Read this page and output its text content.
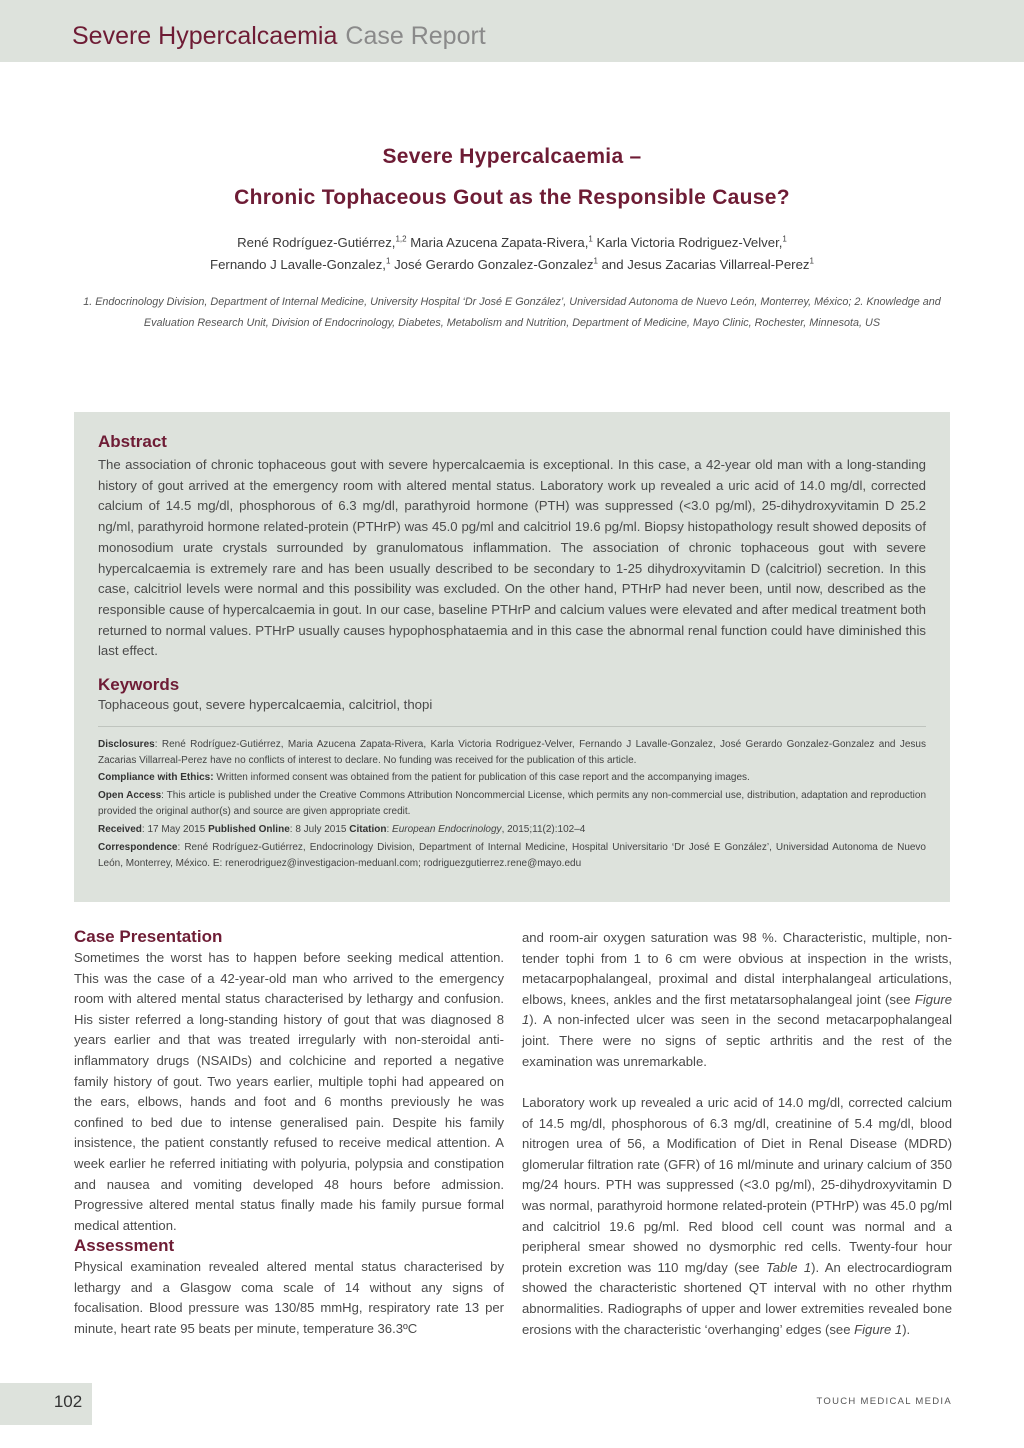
Severe Hypercalcaemia Case Report
Severe Hypercalcaemia –
Chronic Tophaceous Gout as the Responsible Cause?
René Rodríguez-Gutiérrez,$^{1,2}$ Maria Azucena Zapata-Rivera,$^1$ Karla Victoria Rodriguez-Velver,$^1$
Fernando J Lavalle-Gonzalez,$^1$ José Gerardo Gonzalez-Gonzalez$^1$ and Jesus Zacarias Villarreal-Perez$^1$
1. Endocrinology Division, Department of Internal Medicine, University Hospital ‘Dr José E González’, Universidad Autonoma de Nuevo León, Monterrey, México; 2. Knowledge and Evaluation Research Unit, Division of Endocrinology, Diabetes, Metabolism and Nutrition, Department of Medicine, Mayo Clinic, Rochester, Minnesota, US
Abstract

The association of chronic tophaceous gout with severe hypercalcaemia is exceptional. In this case, a 42-year old man with a long-standing history of gout arrived at the emergency room with altered mental status. Laboratory work up revealed a uric acid of 14.0 mg/dl, corrected calcium of 14.5 mg/dl, phosphorous of 6.3 mg/dl, parathyroid hormone (PTH) was suppressed (<3.0 pg/ml), 25-dihydroxyvitamin D 25.2 ng/ml, parathyroid hormone related-protein (PTHrP) was 45.0 pg/ml and calcitriol 19.6 pg/ml. Biopsy histopathology result showed deposits of monosodium urate crystals surrounded by granulomatous inflammation. The association of chronic tophaceous gout with severe hypercalcaemia is extremely rare and has been usually described to be secondary to 1-25 dihydroxyvitamin D (calcitriol) secretion. In this case, calcitriol levels were normal and this possibility was excluded. On the other hand, PTHrP had never been, until now, described as the responsible cause of hypercalcaemia in gout. In our case, baseline PTHrP and calcium values were elevated and after medical treatment both returned to normal values. PTHrP usually causes hypophosphataemia and in this case the abnormal renal function could have diminished this last effect.

Keywords
Tophaceous gout, severe hypercalcaemia, calcitriol, thopi

Disclosures: René Rodríguez-Gutiérrez, Maria Azucena Zapata-Rivera, Karla Victoria Rodriguez-Velver, Fernando J Lavalle-Gonzalez, José Gerardo Gonzalez-Gonzalez and Jesus Zacarias Villarreal-Perez have no conflicts of interest to declare. No funding was received for the publication of this article.

Compliance with Ethics: Written informed consent was obtained from the patient for publication of this case report and the accompanying images.

Open Access: This article is published under the Creative Commons Attribution Noncommercial License, which permits any non-commercial use, distribution, adaptation and reproduction provided the original author(s) and source are given appropriate credit.

Received: 17 May 2015 Published Online: 8 July 2015 Citation: European Endocrinology, 2015;11(2):102–4

Correspondence: René Rodríguez-Gutiérrez, Endocrinology Division, Department of Internal Medicine, Hospital Universitario ‘Dr José E González’, Universidad Autonoma de Nuevo León, Monterrey, México. E: renerodriguez@investigacion-meduanl.com; rodriguezgutierrez.rene@mayo.edu

Case Presentation

Sometimes the worst has to happen before seeking medical attention. This was the case of a 42-year-old man who arrived to the emergency room with altered mental status characterised by lethargy and confusion. His sister referred a long-standing history of gout that was diagnosed 8 years earlier and that was treated irregularly with non-steroidal anti-inflammatory drugs (NSAIDs) and colchicine and reported a negative family history of gout. Two years earlier, multiple tophi had appeared on the ears, elbows, hands and foot and 6 months previously he was confined to bed due to intense generalised pain. Despite his family insistence, the patient constantly refused to receive medical attention. A week earlier he referred initiating with polyuria, polypsia and constipation and nausea and vomiting developed 48 hours before admission. Progressive altered mental status finally made his family pursue formal medical attention.

Assessment

Physical examination revealed altered mental status characterised by lethargy and a Glasgow coma scale of 14 without any signs of focalisation. Blood pressure was 130/85 mmHg, respiratory rate 13 per minute, heart rate 95 beats per minute, temperature 36.3ºC

and room-air oxygen saturation was 98 %. Characteristic, multiple, non-tender tophi from 1 to 6 cm were obvious at inspection in the wrists, metacarpophalangeal, proximal and distal interphalangeal articulations, elbows, knees, ankles and the first metatarsophalangeal joint (see Figure 1). A non-infected ulcer was seen in the second metacarpophalangeal joint. There were no signs of septic arthritis and the rest of the examination was unremarkable.

Laboratory work up revealed a uric acid of 14.0 mg/dl, corrected calcium of 14.5 mg/dl, phosphorous of 6.3 mg/dl, creatinine of 5.4 mg/dl, blood nitrogen urea of 56, a Modification of Diet in Renal Disease (MDRD) glomerular filtration rate (GFR) of 16 ml/minute and urinary calcium of 350 mg/24 hours. PTH was suppressed (<3.0 pg/ml), 25-dihydroxyvitamin D was normal, parathyroid hormone related-protein (PTHrP) was 45.0 pg/ml and calcitriol 19.6 pg/ml. Red blood cell count was normal and a peripheral smear showed no dysmorphic red cells. Twenty-four hour protein excretion was 110 mg/day (see Table 1). An electrocardiogram showed the characteristic shortened QT interval with no other rhythm abnormalities. Radiographs of upper and lower extremities revealed bone erosions with the characteristic ‘overhanging’ edges (see Figure 1).

102	TOUCH MEDICAL MEDIA
